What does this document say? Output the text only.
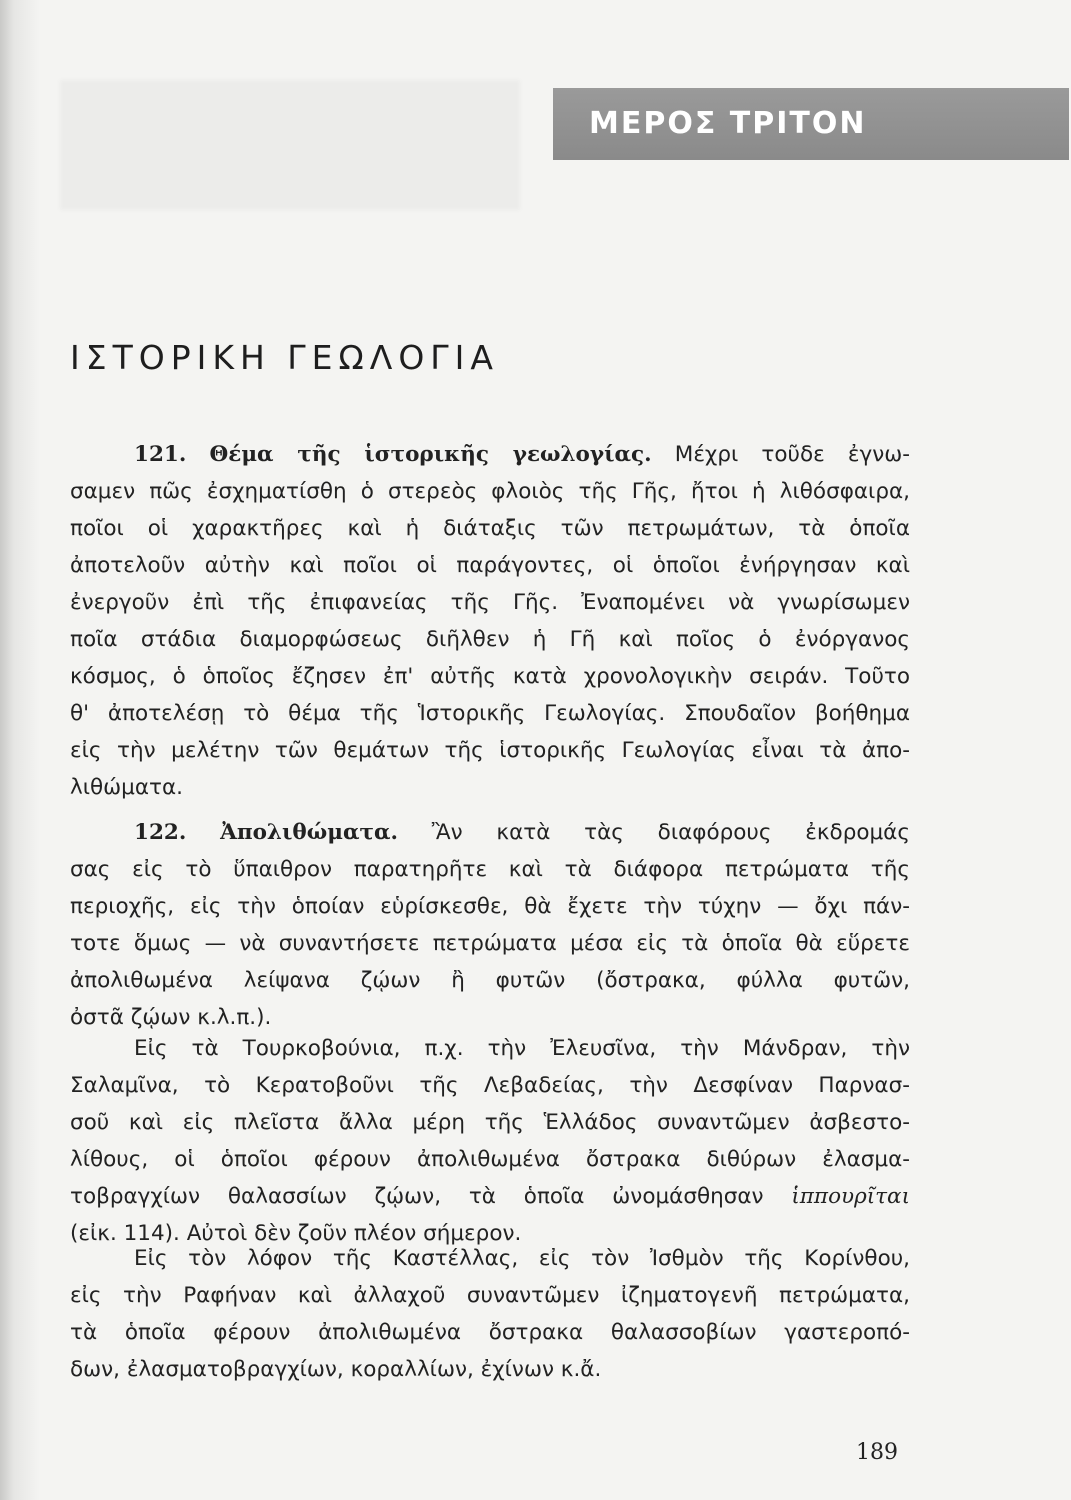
ΜΕΡΟΣ ΤΡΙΤΟΝ
ΙΣΤΟΡΙΚΗ ΓΕΩΛΟΓΙΑ
121. Θέμα τῆς ἱστορικῆς γεωλογίας. Μέχρι τοῦδε ἐγνω-
σαμεν πῶς ἐσχηματίσθη ὁ στερεὸς φλοιὸς τῆς Γῆς, ἤτοι ἡ λιθόσφαιρα,
ποῖοι οἱ χαρακτῆρες καὶ ἡ διάταξις τῶν πετρωμάτων, τὰ ὁποῖα
ἀποτελοῦν αὐτὴν καὶ ποῖοι οἱ παράγοντες, οἱ ὁποῖοι ἐνήργησαν καὶ
ἐνεργοῦν ἐπὶ τῆς ἐπιφανείας τῆς Γῆς. Ἐναπομένει νὰ γνωρίσωμεν
ποῖα στάδια διαμορφώσεως διῆλθεν ἡ Γῆ καὶ ποῖος ὁ ἐνόργανος
κόσμος, ὁ ὁποῖος ἔζησεν ἐπ' αὐτῆς κατὰ χρονολογικὴν σειράν. Τοῦτο
θ' ἀποτελέσῃ τὸ θέμα τῆς Ἱστορικῆς Γεωλογίας. Σπουδαῖον βοήθημα
εἰς τὴν μελέτην τῶν θεμάτων τῆς ἱστορικῆς Γεωλογίας εἶναι τὰ ἀπο-
λιθώματα.
122. Ἀπολιθώματα. Ἂν κατὰ τὰς διαφόρους ἐκδρομάς
σας εἰς τὸ ὕπαιθρον παρατηρῆτε καὶ τὰ διάφορα πετρώματα τῆς
περιοχῆς, εἰς τὴν ὁποίαν εὑρίσκεσθε, θὰ ἔχετε τὴν τύχην — ὄχι πάν-
τοτε ὅμως — νὰ συναντήσετε πετρώματα μέσα εἰς τὰ ὁποῖα θὰ εὕρετε
ἀπολιθωμένα λείψανα ζῴων ἢ φυτῶν (ὄστρακα, φύλλα φυτῶν,
ὀστᾶ ζῴων κ.λ.π.).
Εἰς τὰ Τουρκοβούνια, π.χ. τὴν Ἐλευσῖνα, τὴν Μάνδραν, τὴν
Σαλαμῖνα, τὸ Κερατοβοῦνι τῆς Λεβαδείας, τὴν Δεσφίναν Παρνασ-
σοῦ καὶ εἰς πλεῖστα ἄλλα μέρη τῆς Ἑλλάδος συναντῶμεν ἀσβεστο-
λίθους, οἱ ὁποῖοι φέρουν ἀπολιθωμένα ὄστρακα διθύρων ἐλασμα-
τοβραγχίων θαλασσίων ζῴων, τὰ ὁποῖα ὠνομάσθησαν ἱππουρῖται
(εἰκ. 114). Αὐτοὶ δὲν ζοῦν πλέον σήμερον.
Εἰς τὸν λόφον τῆς Καστέλλας, εἰς τὸν Ἰσθμὸν τῆς Κορίνθου,
εἰς τὴν Ραφήναν καὶ ἀλλαχοῦ συναντῶμεν ἰζηματογενῆ πετρώματα,
τὰ ὁποῖα φέρουν ἀπολιθωμένα ὄστρακα θαλασσοβίων γαστεροπό-
δων, ἐλασματοβραγχίων, κοραλλίων, ἐχίνων κ.ἄ.
189
